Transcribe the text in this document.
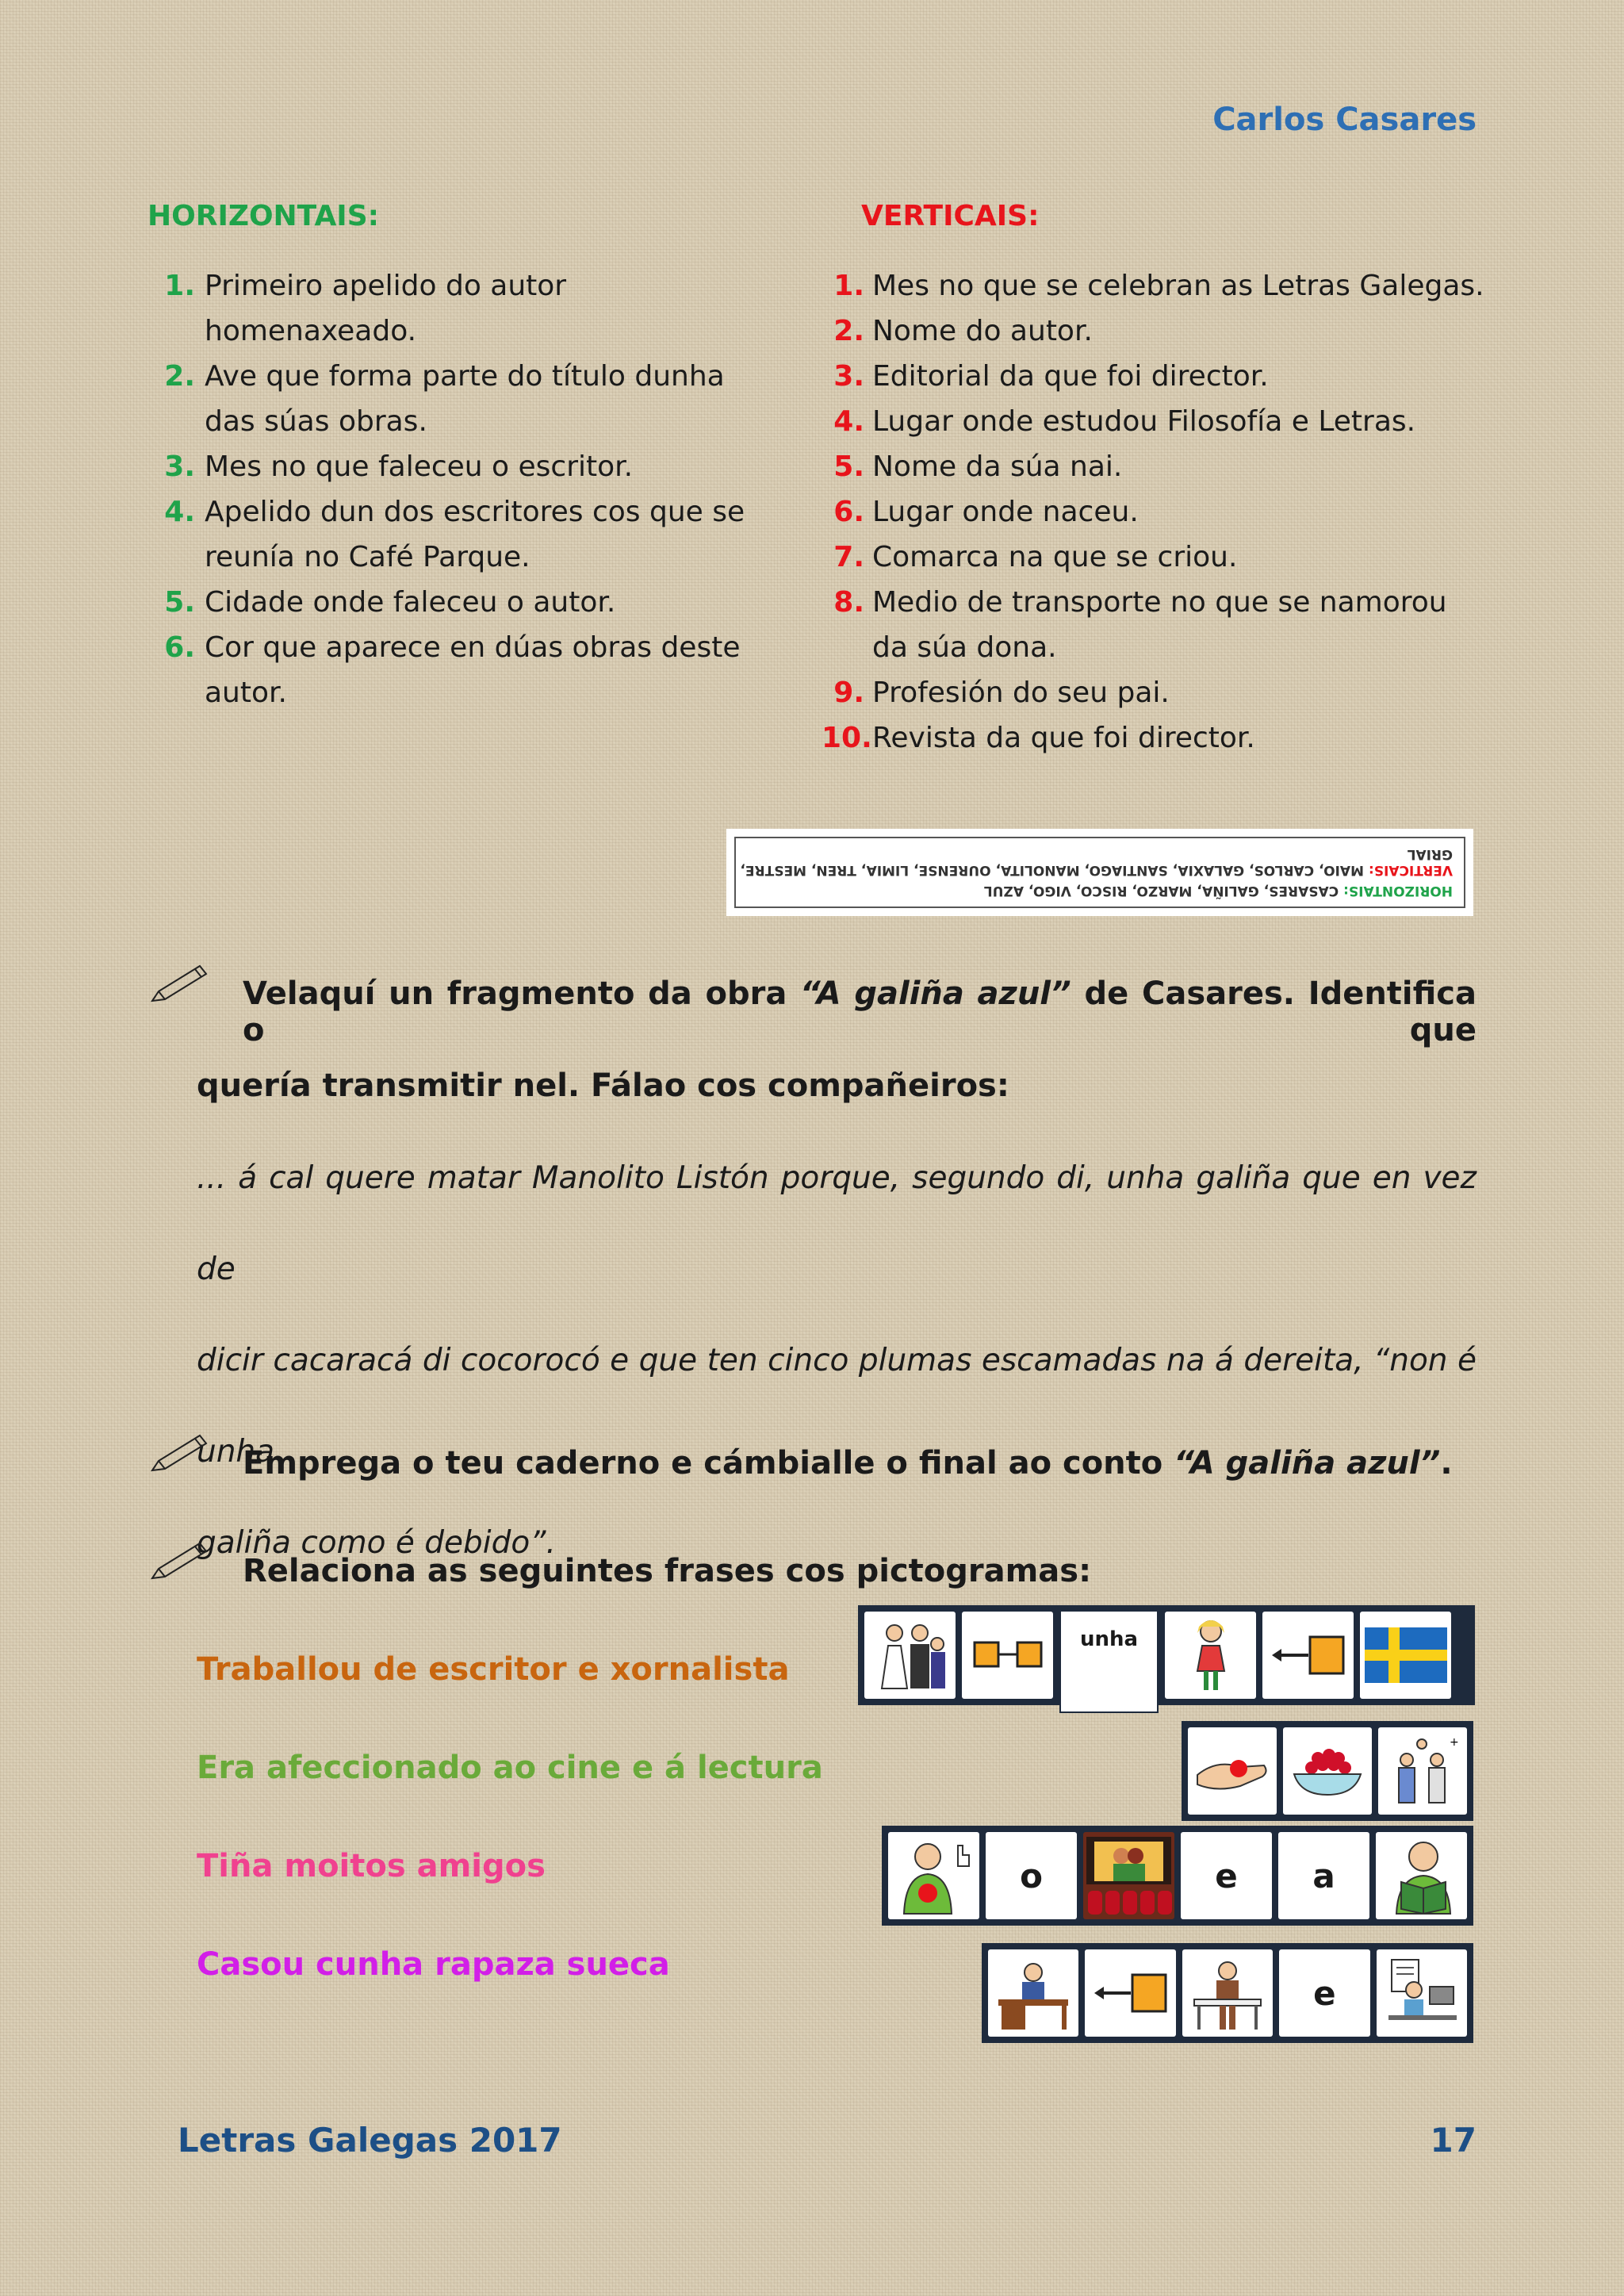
Carlos Casares
HORIZONTAIS:
1. Primeiro apelido do autor homenaxeado.
2. Ave que forma parte do título dunha das súas obras.
3. Mes no que faleceu o escritor.
4. Apelido dun dos escritores cos que se reunía no Café Parque.
5. Cidade onde faleceu o autor.
6. Cor que aparece en dúas obras deste autor.
VERTICAIS:
1. Mes no que se celebran as Letras Galegas.
2. Nome do autor.
3. Editorial da que foi director.
4. Lugar onde estudou Filosofía e Letras.
5. Nome da súa nai.
6. Lugar onde naceu.
7. Comarca na que se criou.
8. Medio de transporte no que se namorou da súa dona.
9. Profesión do seu pai.
10. Revista da que foi director.
HORIZONTAIS:CASARES, GALIÑA, MARZO, RISCO, VIGO, AZUL
VERTICAIS:MAIO, CARLOS, GALAXIA, SANTIAGO, MANOLITA, OURENSE, LIMIA, TREN, MESTRE, GRIAL
Velaquí un fragmento da obra “A galiña azul” de Casares. Identifica o que
quería transmitir nel. Fálao cos compañeiros:
... á cal quere matar Manolito Listón porque, segundo di, unha galiña que en vez de
dicir cacaracá di cocorocó e que ten cinco plumas escamadas na á dereita, “non é unha
galiña como é debido”.
Emprega o teu caderno e cámbialle o final ao conto “A galiña azul”.
Relaciona as seguintes frases cos pictogramas:
Traballou de escritor e xornalista
Era afeccionado ao cine e á lectura
Tiña moitos amigos
Casou cunha rapaza sueca
unha
+
o	e a
e
Letras Galegas 2017	17
